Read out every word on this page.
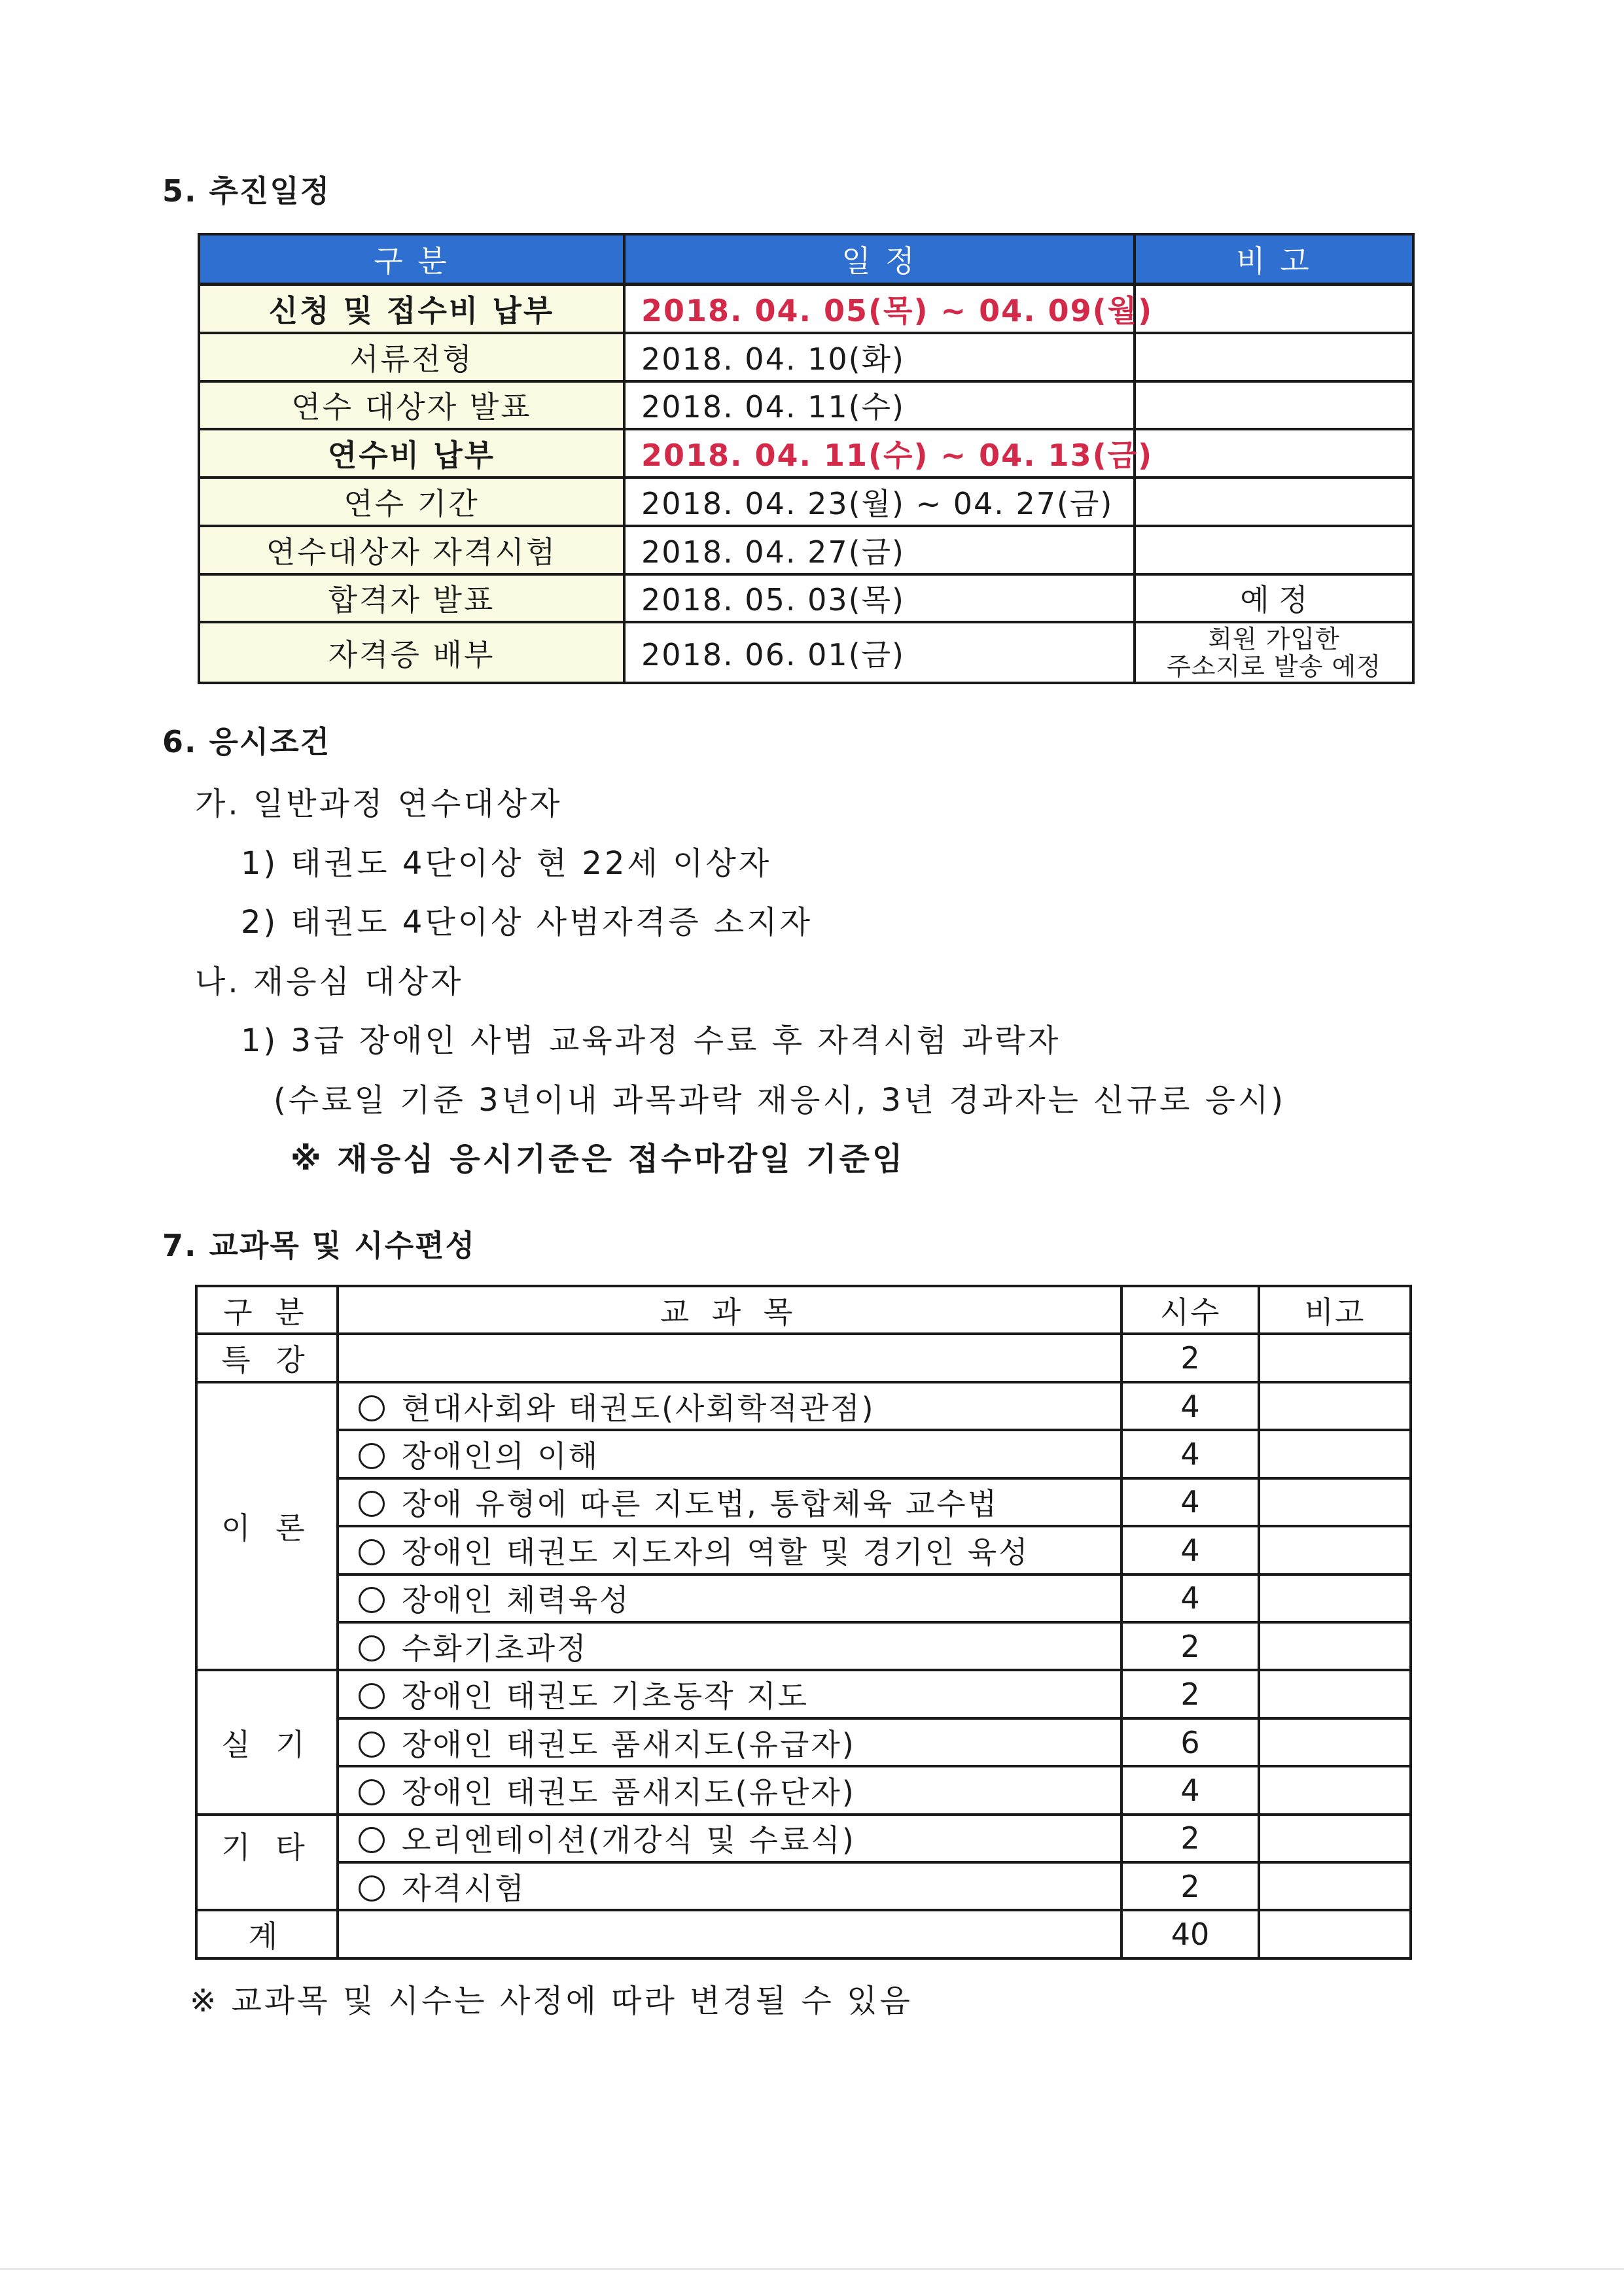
5. 추진일정
구 분	일 정	비 고
신청 및 접수비 납부	2018. 04. 05(목) ~ 04. 09(월)	
서류전형	2018. 04. 10(화)	
연수 대상자 발표	2018. 04. 11(수)	
연수비 납부	2018. 04. 11(수) ~ 04. 13(금)	
연수 기간	2018. 04. 23(월) ~ 04. 27(금)	
연수대상자 자격시험	2018. 04. 27(금)	
합격자 발표	2018. 05. 03(목)	예 정
자격증 배부	2018. 06. 01(금)	회원 가입한
주소지로 발송 예정
6. 응시조건
가. 일반과정 연수대상자
1) 태권도 4단이상 현 22세 이상자
2) 태권도 4단이상 사범자격증 소지자
나. 재응심 대상자
1) 3급 장애인 사범 교육과정 수료 후 자격시험 과락자
(수료일 기준 3년이내 과목과락 재응시, 3년 경과자는 신규로 응시)
※ 재응심 응시기준은 접수마감일 기준임
7. 교과목 및 시수편성
구 분	교 과 목	시수	비고
특 강		2	
이 론	현대사회와 태권도(사회학적관점)	4	
	장애인의 이해	4	
	장애 유형에 따른 지도법, 통합체육 교수법	4	
	장애인 태권도 지도자의 역할 및 경기인 육성	4	
	장애인 체력육성	4	
	수화기초과정	2	
실 기	장애인 태권도 기초동작 지도	2	
	장애인 태권도 품새지도(유급자)	6	
	장애인 태권도 품새지도(유단자)	4	
기 타	오리엔테이션(개강식 및 수료식)	2	
	자격시험	2	
계		40	
※ 교과목 및 시수는 사정에 따라 변경될 수 있음
